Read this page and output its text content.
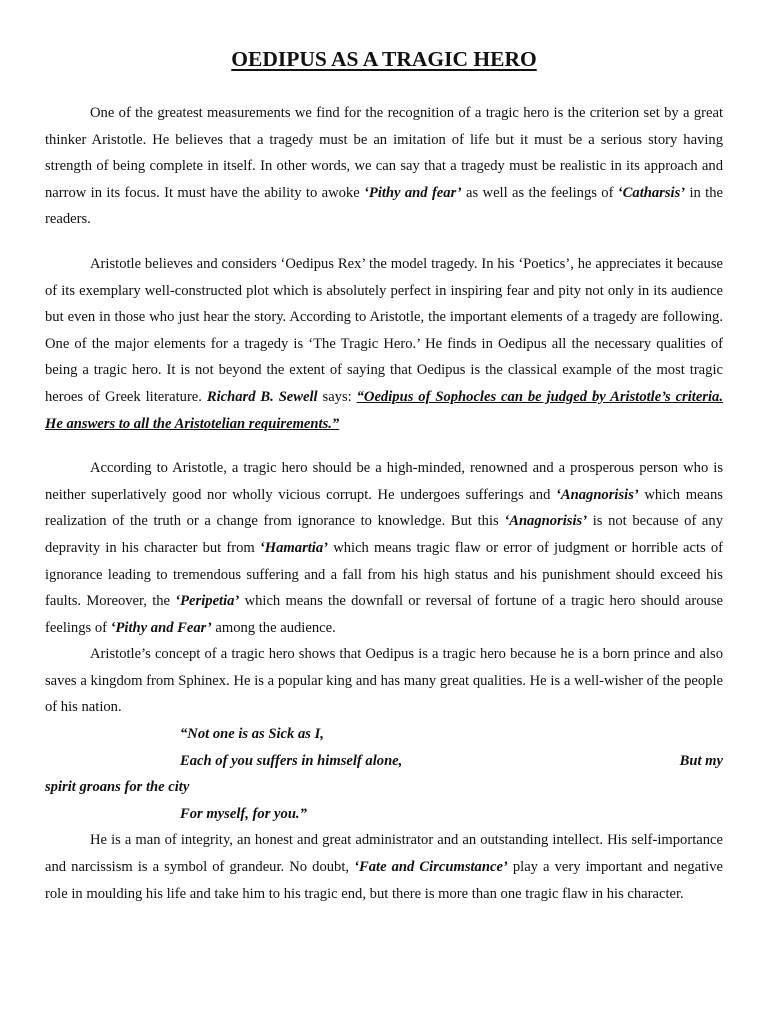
OEDIPUS AS A TRAGIC HERO

One of the greatest measurements we find for the recognition of a tragic hero is the criterion set by a great thinker Aristotle. He believes that a tragedy must be an imitation of life but it must be a serious story having strength of being complete in itself. In other words, we can say that a tragedy must be realistic in its approach and narrow in its focus. It must have the ability to awoke ‘Pithy and fear’ as well as the feelings of ‘Catharsis’ in the readers.

Aristotle believes and considers ‘Oedipus Rex’ the model tragedy. In his ‘Poetics’, he appreciates it because of its exemplary well-constructed plot which is absolutely perfect in inspiring fear and pity not only in its audience but even in those who just hear the story. According to Aristotle, the important elements of a tragedy are following. One of the major elements for a tragedy is ‘The Tragic Hero.’ He finds in Oedipus all the necessary qualities of being a tragic hero. It is not beyond the extent of saying that Oedipus is the classical example of the most tragic heroes of Greek literature. Richard B. Sewell says: “Oedipus of Sophocles can be judged by Aristotle’s criteria. He answers to all the Aristotelian requirements.”

According to Aristotle, a tragic hero should be a high-minded, renowned and a prosperous person who is neither superlatively good nor wholly vicious corrupt. He undergoes sufferings and ‘Anagnorisis’ which means realization of the truth or a change from ignorance to knowledge. But this ‘Anagnorisis’ is not because of any depravity in his character but from ‘Hamartia’ which means tragic flaw or error of judgment or horrible acts of ignorance leading to tremendous suffering and a fall from his high status and his punishment should exceed his faults. Moreover, the ‘Peripetia’ which means the downfall or reversal of fortune of a tragic hero should arouse feelings of ‘Pithy and Fear’ among the audience.

Aristotle’s concept of a tragic hero shows that Oedipus is a tragic hero because he is a born prince and also saves a kingdom from Sphinex. He is a popular king and has many great qualities. He is a well-wisher of the people of his nation.

“Not one is as Sick as I,
Each of you suffers in himself alone,	But my
spirit groans for the city
For myself, for you.”

He is a man of integrity, an honest and great administrator and an outstanding intellect. His self-importance and narcissism is a symbol of grandeur. No doubt, ‘Fate and Circumstance’ play a very important and negative role in moulding his life and take him to his tragic end, but there is more than one tragic flaw in his character.
